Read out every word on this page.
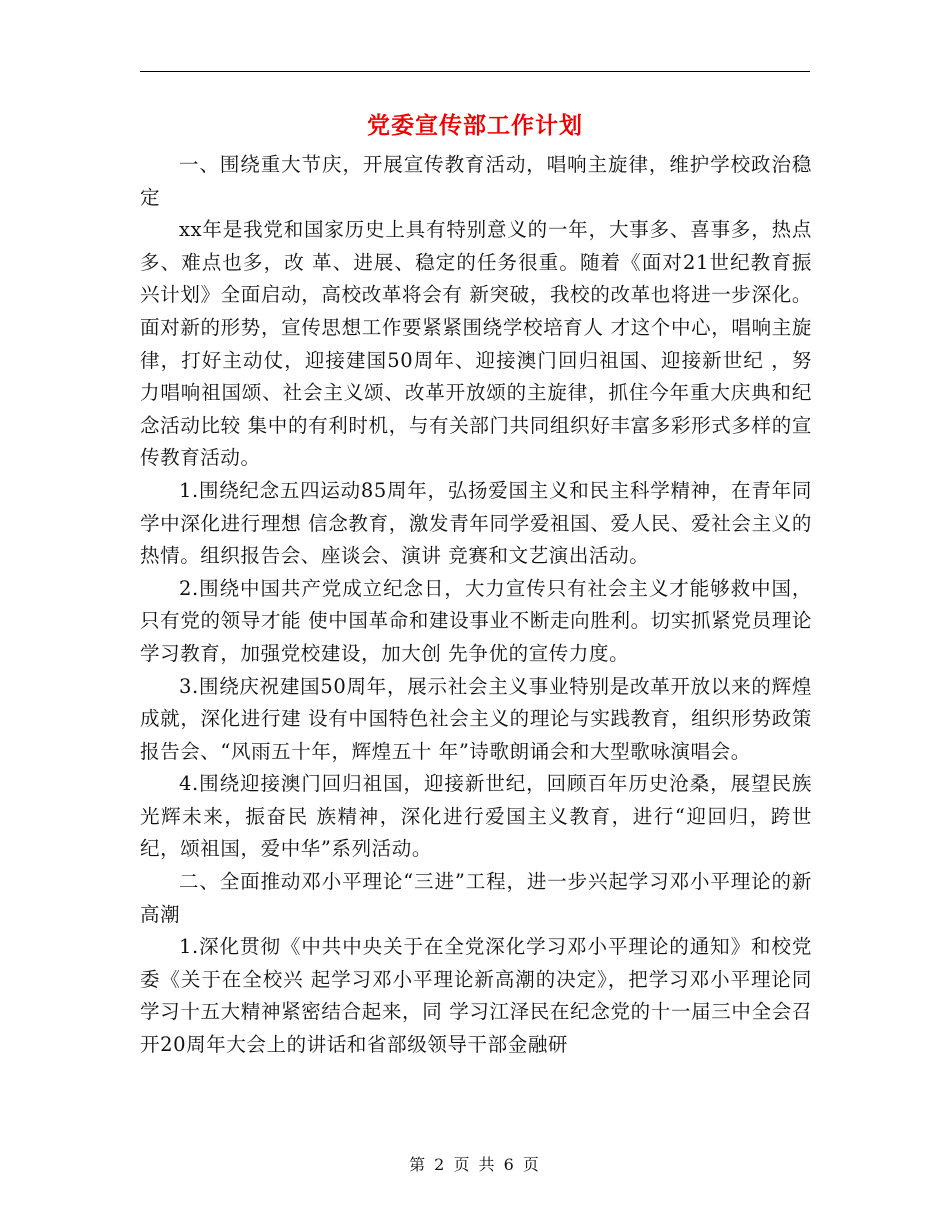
党委宣传部工作计划

一、围绕重大节庆，开展宣传教育活动，唱响主旋律，维护学校政治稳定

xx年是我党和国家历史上具有特别意义的一年，大事多、喜事多，热点多、难点也多，改 革、进展、稳定的任务很重。随着《面对21世纪教育振兴计划》全面启动，高校改革将会有 新突破，我校的改革也将进一步深化。面对新的形势，宣传思想工作要紧紧围绕学校培育人 才这个中心，唱响主旋律，打好主动仗，迎接建国50周年、迎接澳门回归祖国、迎接新世纪 ，努力唱响祖国颂、社会主义颂、改革开放颂的主旋律，抓住今年重大庆典和纪念活动比较 集中的有利时机，与有关部门共同组织好丰富多彩形式多样的宣传教育活动。

1.围绕纪念五四运动85周年，弘扬爱国主义和民主科学精神，在青年同学中深化进行理想 信念教育，激发青年同学爱祖国、爱人民、爱社会主义的热情。组织报告会、座谈会、演讲 竞赛和文艺演出活动。

2.围绕中国共产党成立纪念日，大力宣传只有社会主义才能够救中国，只有党的领导才能 使中国革命和建设事业不断走向胜利。切实抓紧党员理论学习教育，加强党校建设，加大创 先争优的宣传力度。

3.围绕庆祝建国50周年，展示社会主义事业特别是改革开放以来的辉煌成就，深化进行建 设有中国特色社会主义的理论与实践教育，组织形势政策报告会、“风雨五十年，辉煌五十 年”诗歌朗诵会和大型歌咏演唱会。

4.围绕迎接澳门回归祖国，迎接新世纪，回顾百年历史沧桑，展望民族光辉未来，振奋民 族精神，深化进行爱国主义教育，进行“迎回归，跨世纪，颂祖国，爱中华”系列活动。

二、全面推动邓小平理论“三进”工程，进一步兴起学习邓小平理论的新高潮

1.深化贯彻《中共中央关于在全党深化学习邓小平理论的通知》和校党委《关于在全校兴 起学习邓小平理论新高潮的决定》，把学习邓小平理论同学习十五大精神紧密结合起来，同 学习江泽民在纪念党的十一届三中全会召开20周年大会上的讲话和省部级领导干部金融研

第 2 页 共 6 页
